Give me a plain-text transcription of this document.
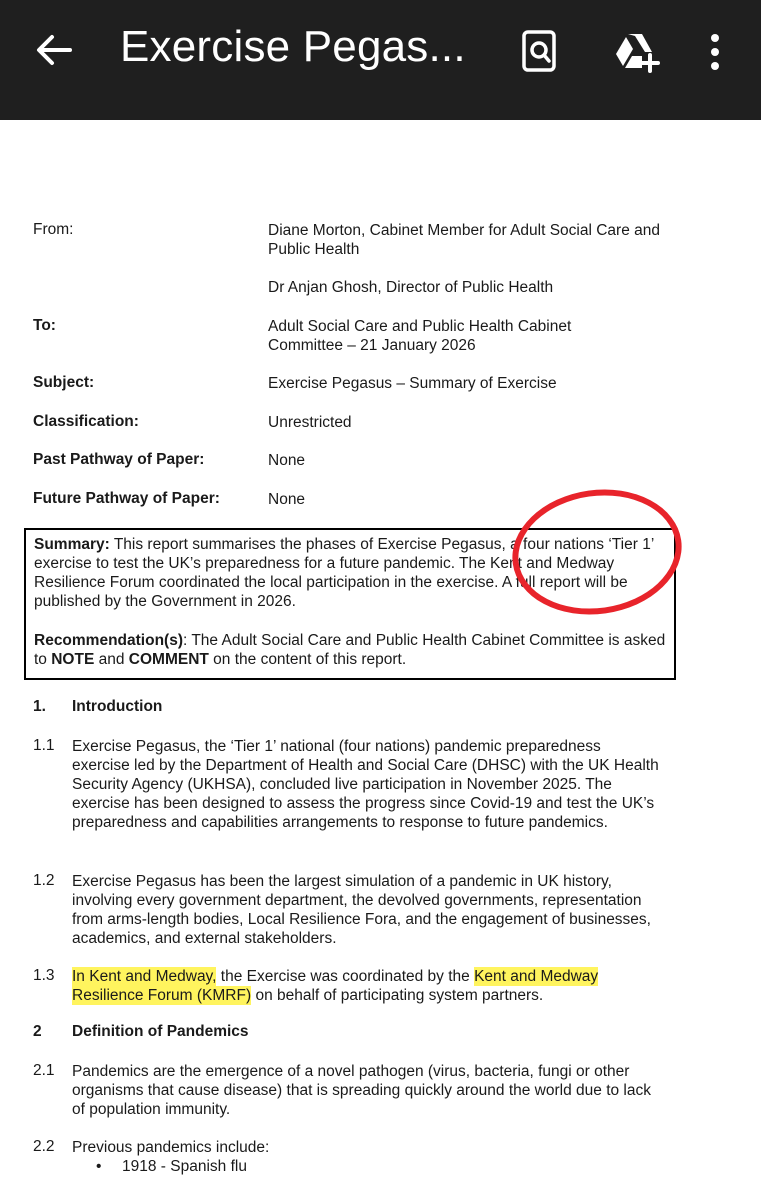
Exercise Pegas...
From:	Diane Morton, Cabinet Member for Adult Social Care and Public Health
Dr Anjan Ghosh, Director of Public Health
To:	Adult Social Care and Public Health Cabinet Committee – 21 January 2026
Subject:	Exercise Pegasus – Summary of Exercise
Classification:	Unrestricted
Past Pathway of Paper:	None
Future Pathway of Paper:	None

Summary: This report summarises the phases of Exercise Pegasus, a four nations ‘Tier 1’ exercise to test the UK’s preparedness for a future pandemic. The Kent and Medway Resilience Forum coordinated the local participation in the exercise. A full report will be published by the Government in 2026.

Recommendation(s): The Adult Social Care and Public Health Cabinet Committee is asked to NOTE and COMMENT on the content of this report.

1. Introduction
1.1 Exercise Pegasus, the ‘Tier 1’ national (four nations) pandemic preparedness exercise led by the Department of Health and Social Care (DHSC) with the UK Health Security Agency (UKHSA), concluded live participation in November 2025. The exercise has been designed to assess the progress since Covid-19 and test the UK’s preparedness and capabilities arrangements to response to future pandemics.

1.2 Exercise Pegasus has been the largest simulation of a pandemic in UK history, involving every government department, the devolved governments, representation from arms-length bodies, Local Resilience Fora, and the engagement of businesses, academics, and external stakeholders.

1.3 In Kent and Medway, the Exercise was coordinated by the Kent and Medway Resilience Forum (KMRF) on behalf of participating system partners.

2 Definition of Pandemics
2.1 Pandemics are the emergence of a novel pathogen (virus, bacteria, fungi or other organisms that cause disease) that is spreading quickly around the world due to lack of population immunity.

2.2 Previous pandemics include:

• 1918 - Spanish flu
